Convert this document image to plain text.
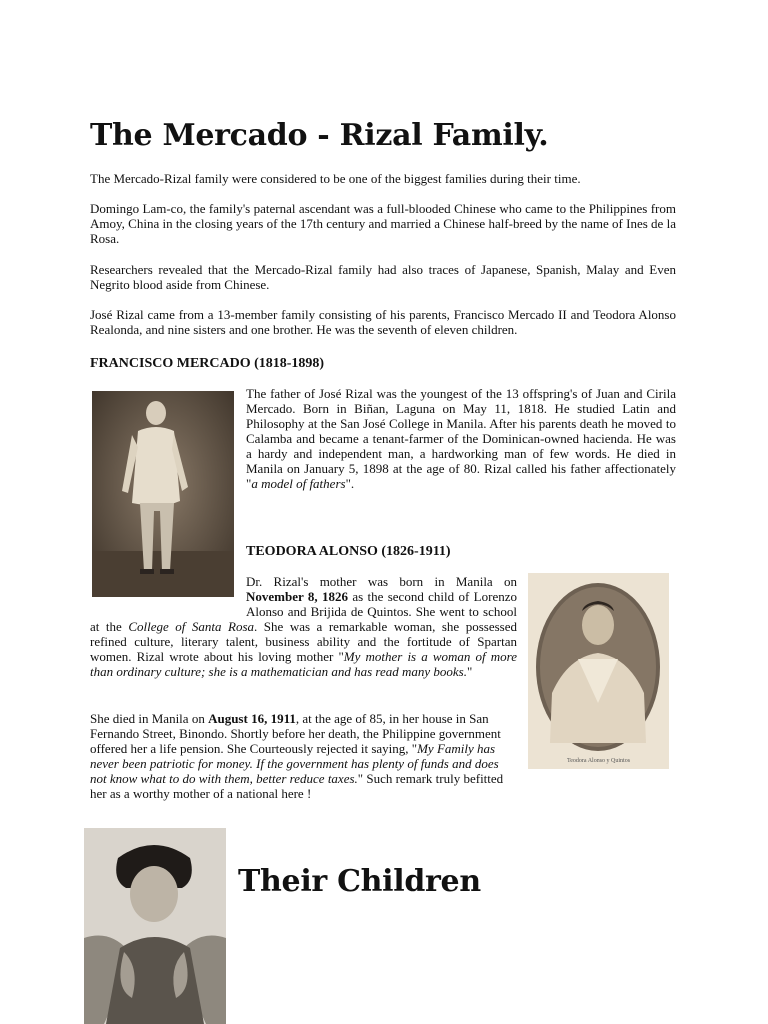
The Mercado - Rizal Family.

The Mercado-Rizal family were considered to be one of the biggest families during their time.

Domingo Lam-co, the family's paternal ascendant was a full-blooded Chinese who came to the Philippines from Amoy, China in the closing years of the 17th century and married a Chinese half-breed by the name of Ines de la Rosa.

Researchers revealed that the Mercado-Rizal family had also traces of Japanese, Spanish, Malay and Even Negrito blood aside from Chinese.

José Rizal came from a 13-member family consisting of his parents, Francisco Mercado II and Teodora Alonso Realonda, and nine sisters and one brother. He was the seventh of eleven children.

FRANCISCO MERCADO (1818-1898)

The father of José Rizal was the youngest of the 13 offspring's of Juan and Cirila Mercado. Born in Biñan, Laguna on May 11, 1818. He studied Latin and Philosophy at the San José College in Manila. After his parents death he moved to Calamba and became a tenant-farmer of the Dominican-owned hacienda. He was a hardy and independent man, a hardworking man of few words. He died in Manila on January 5, 1898 at the age of 80. Rizal called his father affectionately "a model of fathers".

TEODORA ALONSO (1826-1911)

Teodora Alonso y Quintos
Dr. Rizal's mother was born in Manila on November 8, 1826 as the second child of Lorenzo Alonso and Brijida de Quintos. She went to school at the College of Santa Rosa. She was a remarkable woman, she possessed refined culture, literary talent, business ability and the fortitude of Spartan women. Rizal wrote about his loving mother "My mother is a woman of more than ordinary culture; she is a mathematician and has read many books."
She died in Manila on August 16, 1911, at the age of 85, in her house in San Fernando Street, Binondo. Shortly before her death, the Philippine government offered her a life pension. She Courteously rejected it saying, "My Family has never been patriotic for money. If the government has plenty of funds and does not know what to do with them, better reduce taxes." Such remark truly befitted her as a worthy mother of a national here !
Their Children
